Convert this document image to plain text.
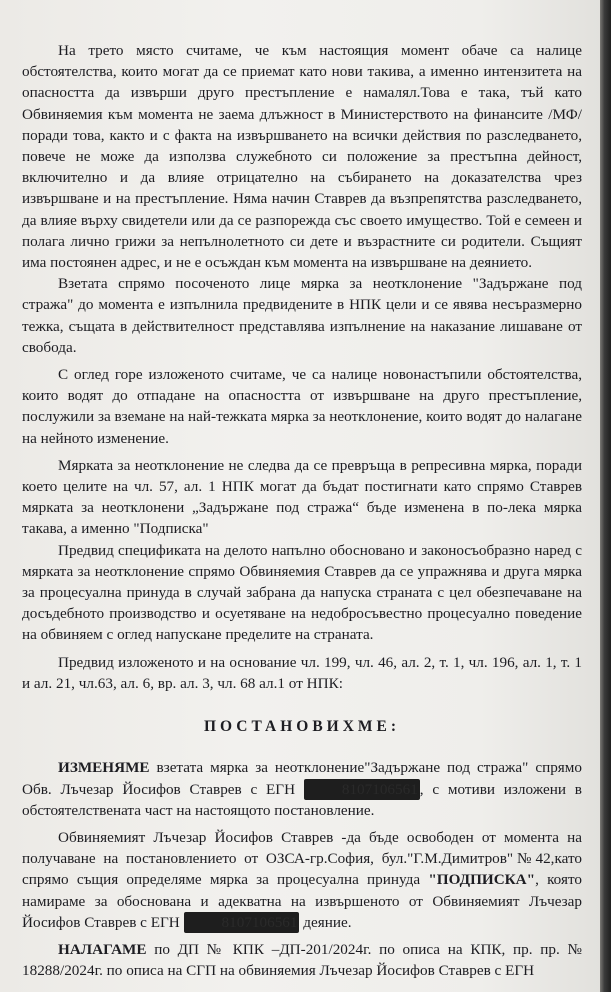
На трето място считаме, че към настоящия момент обаче са налице обстоятелства, които могат да се приемат като нови такива, а именно интензитета на опасността да извърши друго престъпление е намалял.Това е така, тъй като Обвиняемия към момента не заема длъжност в Министерството на финансите /МФ/ поради това, както и с факта на извършването на всички действия по разследването, повече не може да използва служебното си положение за престъпна дейност, включително и да влияе отрицателно на събирането на доказателства чрез извършване и на престъпление. Няма начин Ставрев да възпрепятства разследването, да влияе върху свидетели или да се разпорежда със своето имущество. Той е семеен и полага лично грижи за непълнолетното си дете и възрастните си родители. Същият има постоянен адрес, и не е осъждан към момента на извършване на деянието.

Взетата спрямо посоченото лице мярка за неотклонение "Задържане под стража" до момента е изпълнила предвидените в НПК цели и се явява несъразмерно тежка, същата в действителност представлява изпълнение на наказание лишаване от свобода.

С оглед горе изложеното считаме, че са налице новонастъпили обстоятелства, които водят до отпадане на опасността от извършване на друго престъпление, послужили за вземане на най-тежката мярка за неотклонение, които водят до налагане на нейното изменение.

Мярката за неотклонение не следва да се превръща в репресивна мярка, поради което целите на чл. 57, ал. 1 НПК могат да бъдат постигнати като спрямо Ставрев мярката за неотклонени „Задържане под стража“ бъде изменена в по-лека мярка такава, а именно "Подписка"

Предвид спецификата на делото напълно обосновано и законосъобразно наред с мярката за неотклонение спрямо Обвиняемия Ставрев да се упражнява и друга мярка за процесуална принуда в случай забрана да напуска страната с цел обезпечаване на досъдебното производство и осуетяване на недобросъвестно процесуално поведение на обвиняем с оглед напускане пределите на страната.

Предвид изложеното и на основание чл. 199, чл. 46, ал. 2, т. 1, чл. 196, ал. 1, т. 1 и ал. 21, чл.63, ал. 6, вр. ал. 3, чл. 68 ал.1 от НПК:

ПОСТАНОВИХМЕ:

ИЗМЕНЯМЕ взетата мярка за неотклонение"Задържане под стража" спрямо Обв. Лъчезар Йосифов Ставрев с ЕГН	8107106561 , с мотиви изложени в обстоятелствената част на настоящото постановление.

Обвиняемият Лъчезар Йосифов Ставрев -да бъде освободен от момента на получаване на постановлението от ОЗСА-гр.София, бул."Г.М.Димитров"№42,като спрямо същия определяме мярка за процесуална принуда "ПОДПИСКА", която намираме за обоснована и адекватна на извършеното от Обвиняемият Лъчезар Йосифов Ставрев с ЕГН	8107106561 деяние.

НАЛАГАМЕ по ДП № КПК –ДП-201/2024г. по описа на КПК, пр. пр. № 18288/2024г. по описа на СГП на обвиняемия Лъчезар Йосифов Ставрев с ЕГН
